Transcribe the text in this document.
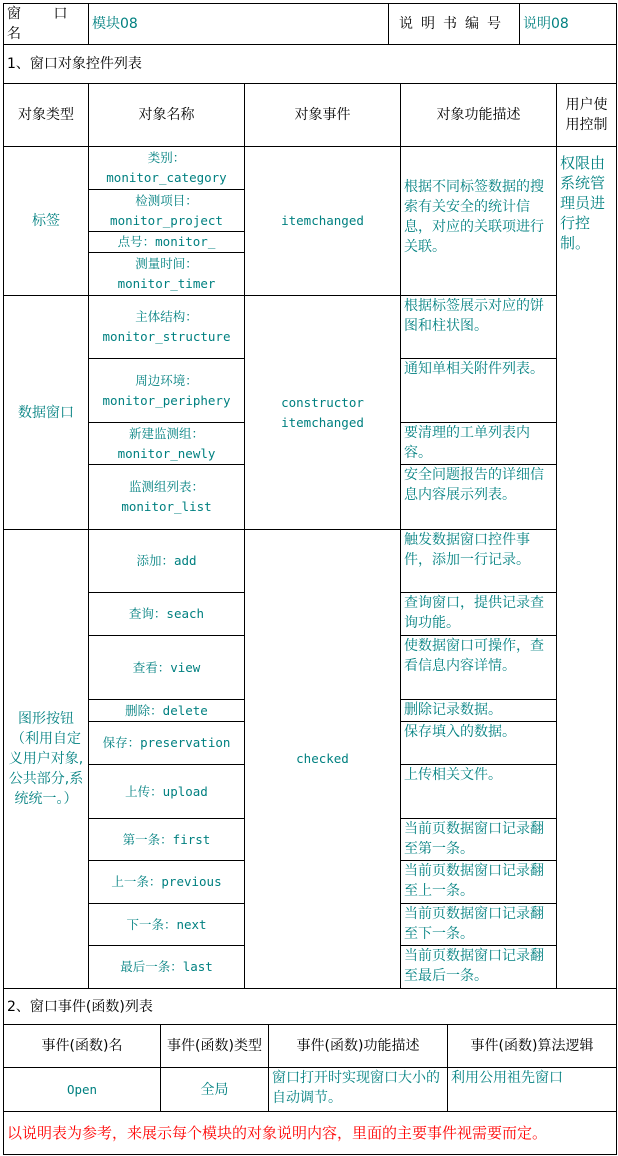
窗 口 名	模块08	说明书编号	说明08
1、窗口对象控件列表
对象类型	对象名称	对象事件	对象功能描述	用户使用控制
标签	类别：monitor_category	itemchanged	根据不同标签数据的搜索有关安全的统计信息，对应的关联项进行关联。	权限由系统管理员进行控制。
	检测项目：monitor_project			
	点号：monitor_			
	测量时间：monitor_timer			
数据窗口	主体结构：monitor_structure	constructor itemchanged	根据标签展示对应的饼图和柱状图。	
	周边环境：monitor_periphery		通知单相关附件列表。	
	新建监测组：monitor_newly		要清理的工单列表内容。	
	监测组列表：monitor_list		安全问题报告的详细信息内容展示列表。	
图形按钮（利用自定义用户对象,公共部分,系统统一。）	添加：add	checked	触发数据窗口控件事件，添加一行记录。	
	查询：seach		查询窗口，提供记录查询功能。	
	查看：view		使数据窗口可操作，查看信息内容详情。	
	删除：delete		删除记录数据。	
	保存：preservation		保存填入的数据。	
	上传：upload		上传相关文件。	
	第一条：first		当前页数据窗口记录翻至第一条。	
	上一条：previous		当前页数据窗口记录翻至上一条。	
	下一条：next		当前页数据窗口记录翻至下一条。	
	最后一条：last		当前页数据窗口记录翻至最后一条。	
2、窗口事件(函数)列表			
事件(函数)名	事件(函数)类型	事件(函数)功能描述	事件(函数)算法逻辑
Open	全局	窗口打开时实现窗口大小的自动调节。	利用公用祖先窗口
以说明表为参考，来展示每个模块的对象说明内容，里面的主要事件视需要而定。			
